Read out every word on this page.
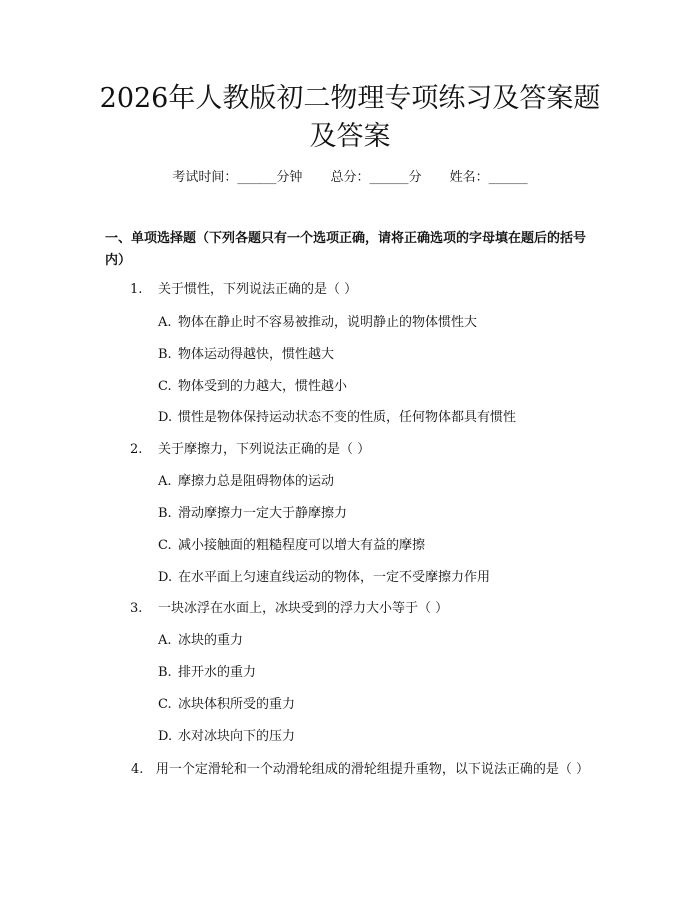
2026年人教版初二物理专项练习及答案题及答案
考试时间：______分钟 总分：______分 姓名：______
一、单项选择题（下列各题只有一个选项正确，请将正确选项的字母填在题后的括号内）
1. 关于惯性，下列说法正确的是（ ）
A. 物体在静止时不容易被推动，说明静止的物体惯性大
B. 物体运动得越快，惯性越大
C. 物体受到的力越大，惯性越小
D. 惯性是物体保持运动状态不变的性质，任何物体都具有惯性
2. 关于摩擦力，下列说法正确的是（ ）
A. 摩擦力总是阻碍物体的运动
B. 滑动摩擦力一定大于静摩擦力
C. 减小接触面的粗糙程度可以增大有益的摩擦
D. 在水平面上匀速直线运动的物体，一定不受摩擦力作用
3. 一块冰浮在水面上，冰块受到的浮力大小等于（ ）
A. 冰块的重力
B. 排开水的重力
C. 冰块体积所受的重力
D. 水对冰块向下的压力
4. 用一个定滑轮和一个动滑轮组成的滑轮组提升重物，以下说法正确的是（ ）
